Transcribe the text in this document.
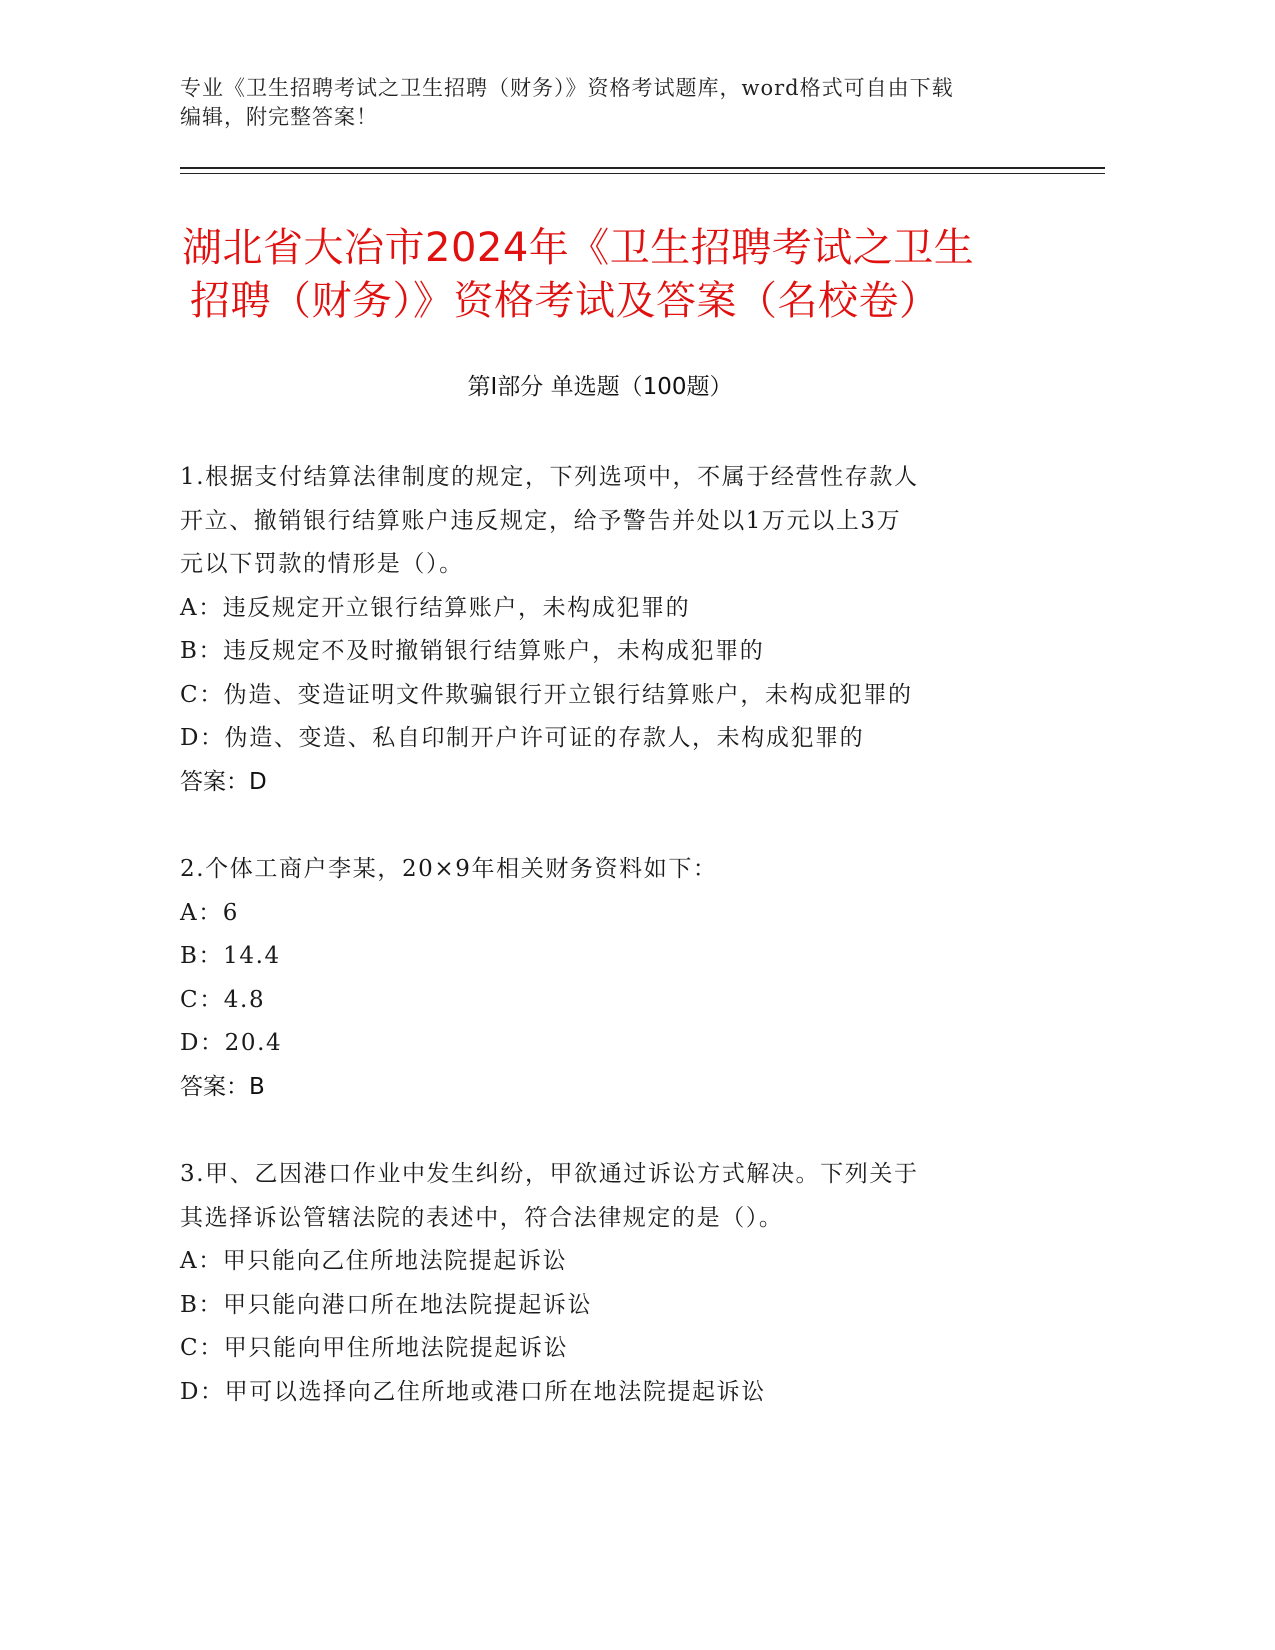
专业《卫生招聘考试之卫生招聘（财务）》资格考试题库，word格式可自由下载
编辑，附完整答案！
湖北省大冶市2024年《卫生招聘考试之卫生
招聘（财务）》资格考试及答案（名校卷）
第Ⅰ部分 单选题（100题）
1.根据支付结算法律制度的规定，下列选项中，不属于经营性存款人
开立、撤销银行结算账户违反规定，给予警告并处以1万元以上3万
元以下罚款的情形是（）。
A：违反规定开立银行结算账户，未构成犯罪的
B：违反规定不及时撤销银行结算账户，未构成犯罪的
C：伪造、变造证明文件欺骗银行开立银行结算账户，未构成犯罪的
D：伪造、变造、私自印制开户许可证的存款人，未构成犯罪的
答案：D
2.个体工商户李某，20×9年相关财务资料如下：
A：6
B：14.4
C：4.8
D：20.4
答案：B
3.甲、乙因港口作业中发生纠纷，甲欲通过诉讼方式解决。下列关于
其选择诉讼管辖法院的表述中，符合法律规定的是（）。
A：甲只能向乙住所地法院提起诉讼
B：甲只能向港口所在地法院提起诉讼
C：甲只能向甲住所地法院提起诉讼
D：甲可以选择向乙住所地或港口所在地法院提起诉讼
